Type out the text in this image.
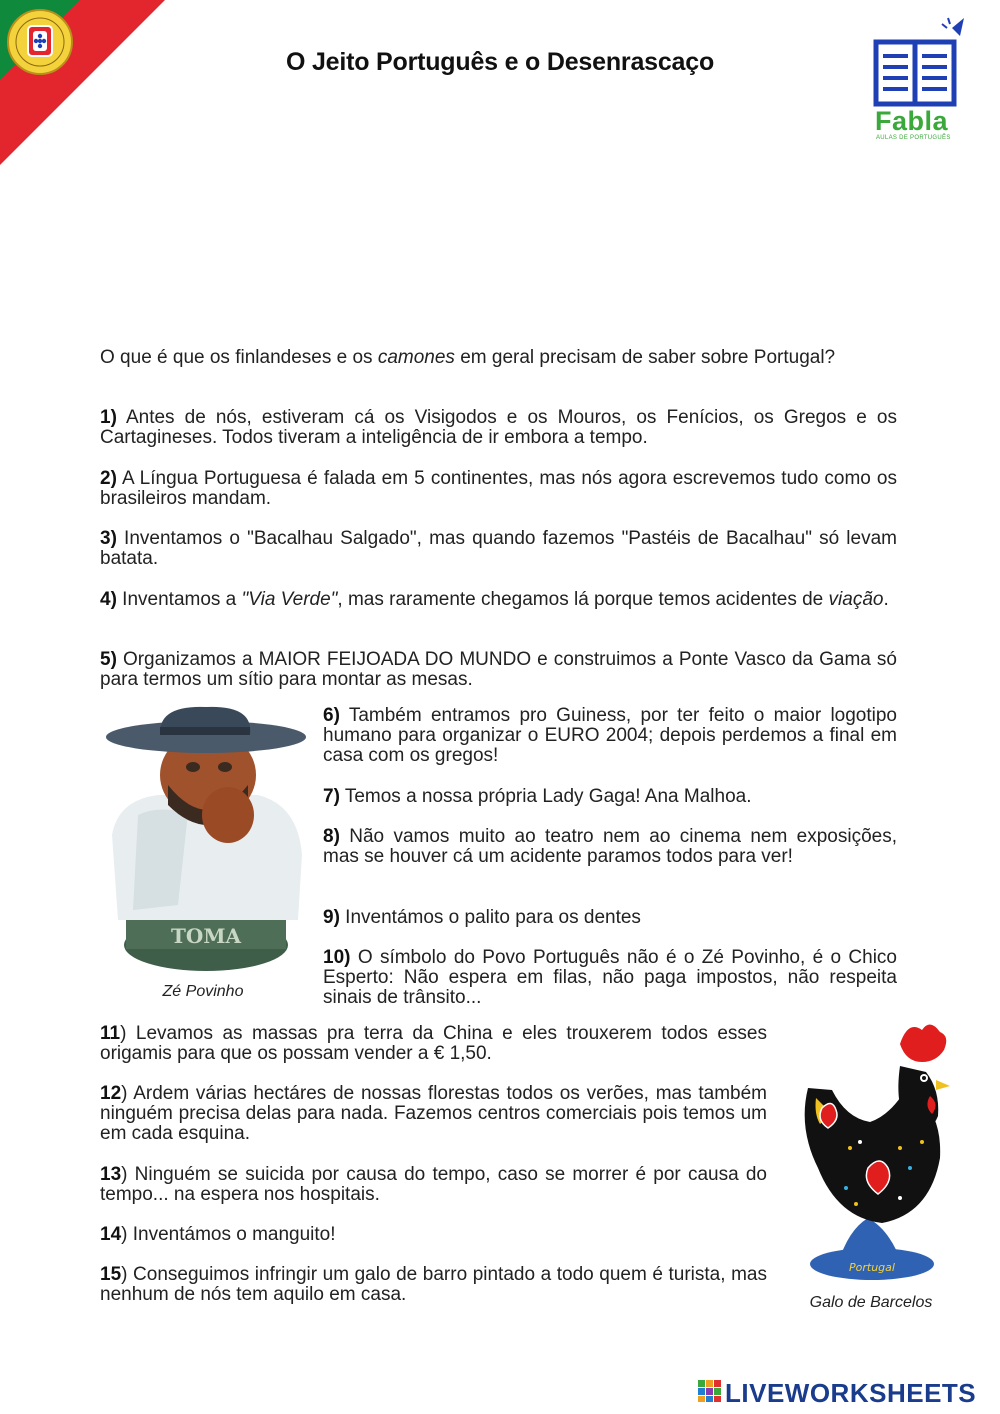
O Jeito Português e o Desenrascaço
Fabla
AULAS DE PORTUGUÊS
O que é que os finlandeses e os camones em geral precisam de saber sobre Portugal?
1) Antes de nós, estiveram cá os Visigodos e os Mouros, os Fenícios, os Gregos e os Cartagineses. Todos tiveram a inteligência de ir embora a tempo.
2) A Língua Portuguesa é falada em 5 continentes, mas nós agora escrevemos tudo como os brasileiros mandam.
3) Inventamos o "Bacalhau Salgado", mas quando fazemos "Pastéis de Bacalhau" só levam batata.
4) Inventamos a "Via Verde", mas raramente chegamos lá porque temos acidentes de viação.
5) Organizamos a MAIOR FEIJOADA DO MUNDO e construimos a Ponte Vasco da Gama só para termos um sítio para montar as mesas.
TOMA
Zé Povinho
6) Também entramos pro Guiness, por ter feito o maior logotipo humano para organizar o EURO 2004; depois perdemos a final em casa com os gregos!
7) Temos a nossa própria Lady Gaga! Ana Malhoa.
8) Não vamos muito ao teatro nem ao cinema nem exposições, mas se houver cá um acidente paramos todos para ver!
9) Inventámos o palito para os dentes
10) O símbolo do Povo Português não é o Zé Povinho, é o Chico Esperto: Não espera em filas, não paga impostos, não respeita sinais de trânsito...
11) Levamos as massas pra terra da China e eles trouxerem todos esses origamis para que os possam vender a € 1,50.
12) Ardem várias hectáres de nossas florestas todos os verões, mas também ninguém precisa delas para nada. Fazemos centros comerciais pois temos um em cada esquina.
13) Ninguém se suicida por causa do tempo, caso se morrer é por causa do tempo... na espera nos hospitais.
14) Inventámos o manguito!
15) Conseguimos infringir um galo de barro pintado a todo quem é turista, mas nenhum de nós tem aquilo em casa.
Portugal
Galo de Barcelos
LIVEWORKSHEETS
